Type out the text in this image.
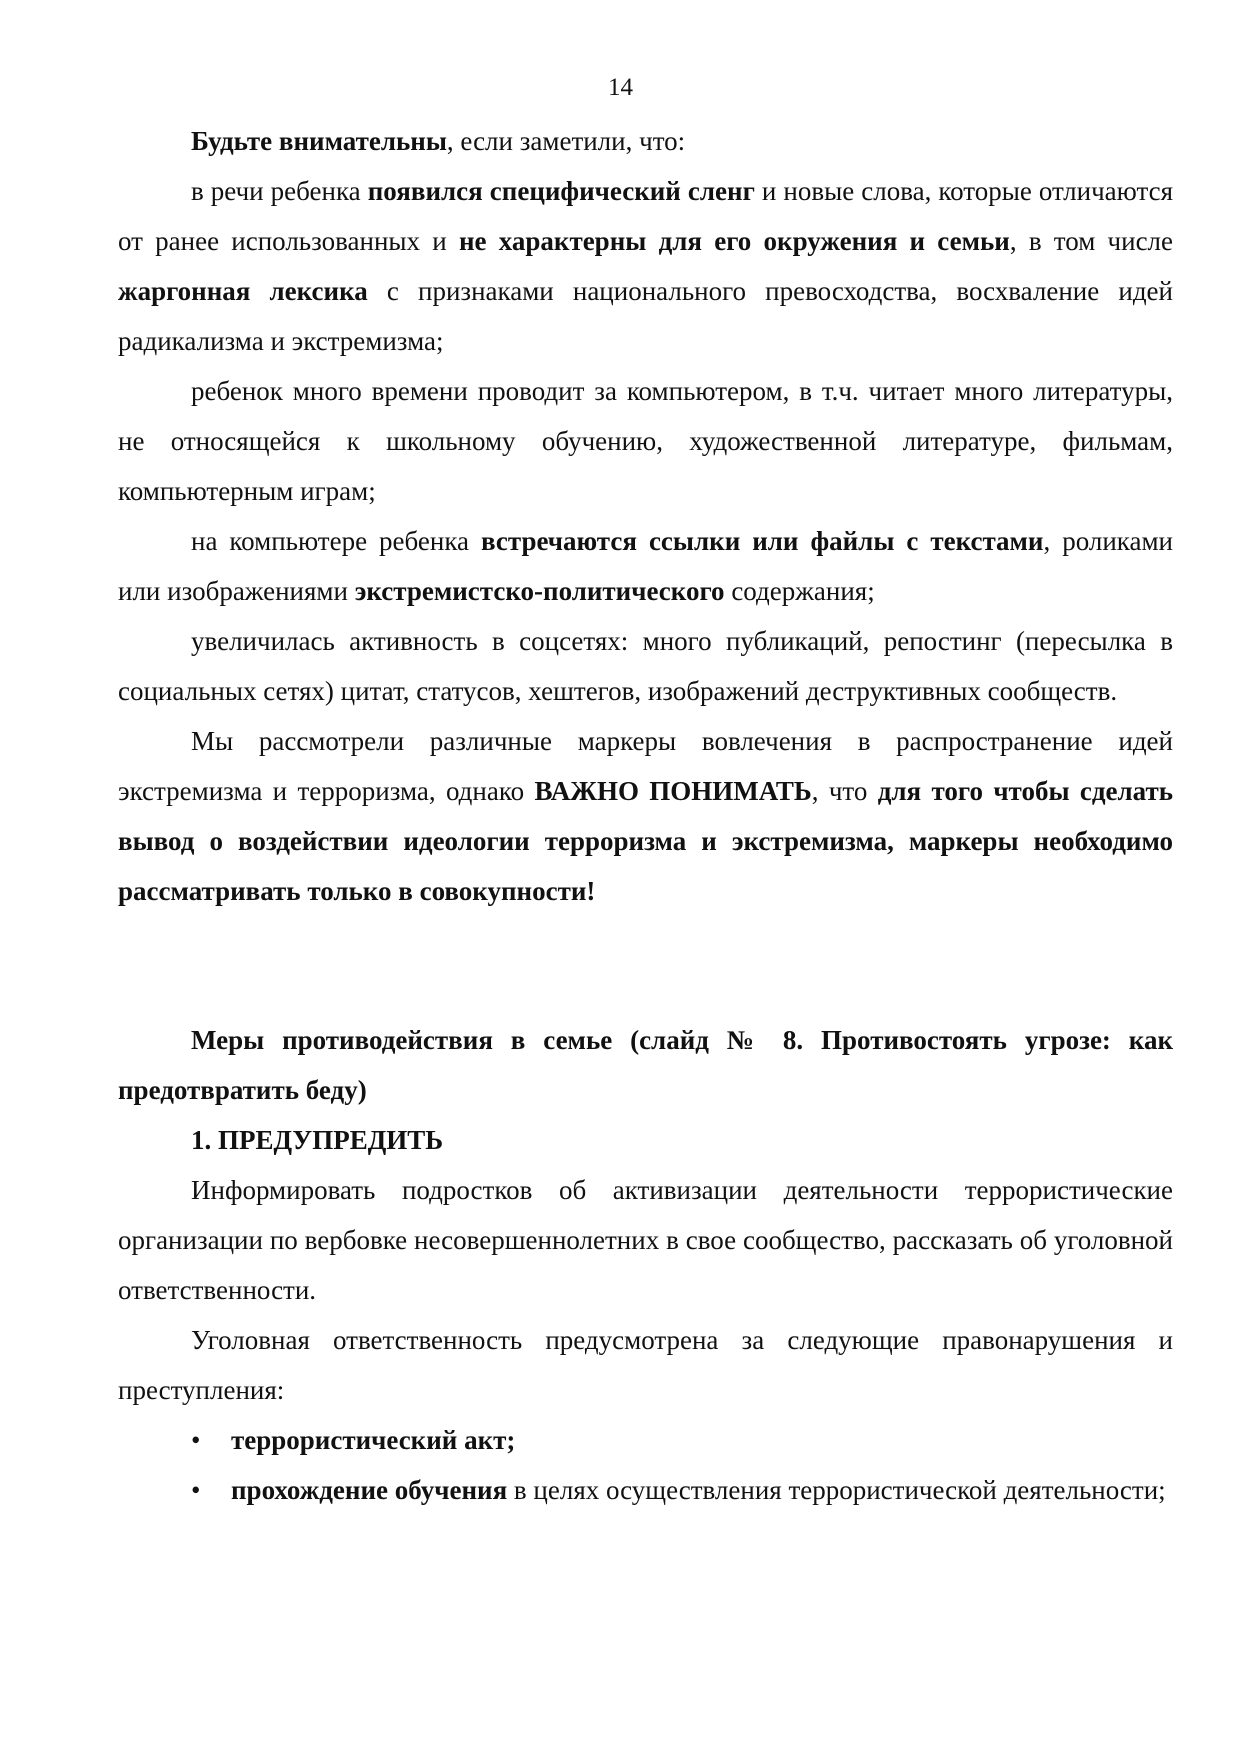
14

Будьте внимательны, если заметили, что:

в речи ребенка появился специфический сленг и новые слова, которые отличаются от ранее использованных и не характерны для его окружения и семьи, в том числе жаргонная лексика с признаками национального превосходства, восхваление идей радикализма и экстремизма;

ребенок много времени проводит за компьютером, в т.ч. читает много литературы, не относящейся к школьному обучению, художественной литературе, фильмам, компьютерным играм;

на компьютере ребенка встречаются ссылки или файлы с текстами, роликами или изображениями экстремистско-политического содержания;

увеличилась активность в соцсетях: много публикаций, репостинг (пересылка в социальных сетях) цитат, статусов, хештегов, изображений деструктивных сообществ.

Мы рассмотрели различные маркеры вовлечения в распространение идей экстремизма и терроризма, однако ВАЖНО ПОНИМАТЬ, что для того чтобы сделать вывод о воздействии идеологии терроризма и экстремизма, маркеры необходимо рассматривать только в совокупности!

Меры противодействия в семье (слайд № 8. Противостоять угрозе: как предотвратить беду)

1. ПРЕДУПРЕДИТЬ

Информировать подростков об активизации деятельности террористические организации по вербовке несовершеннолетних в свое сообщество, рассказать об уголовной ответственности.

Уголовная ответственность предусмотрена за следующие правонарушения и преступления:

• террористический акт;

• прохождение обучения в целях осуществления террористической деятельности;
